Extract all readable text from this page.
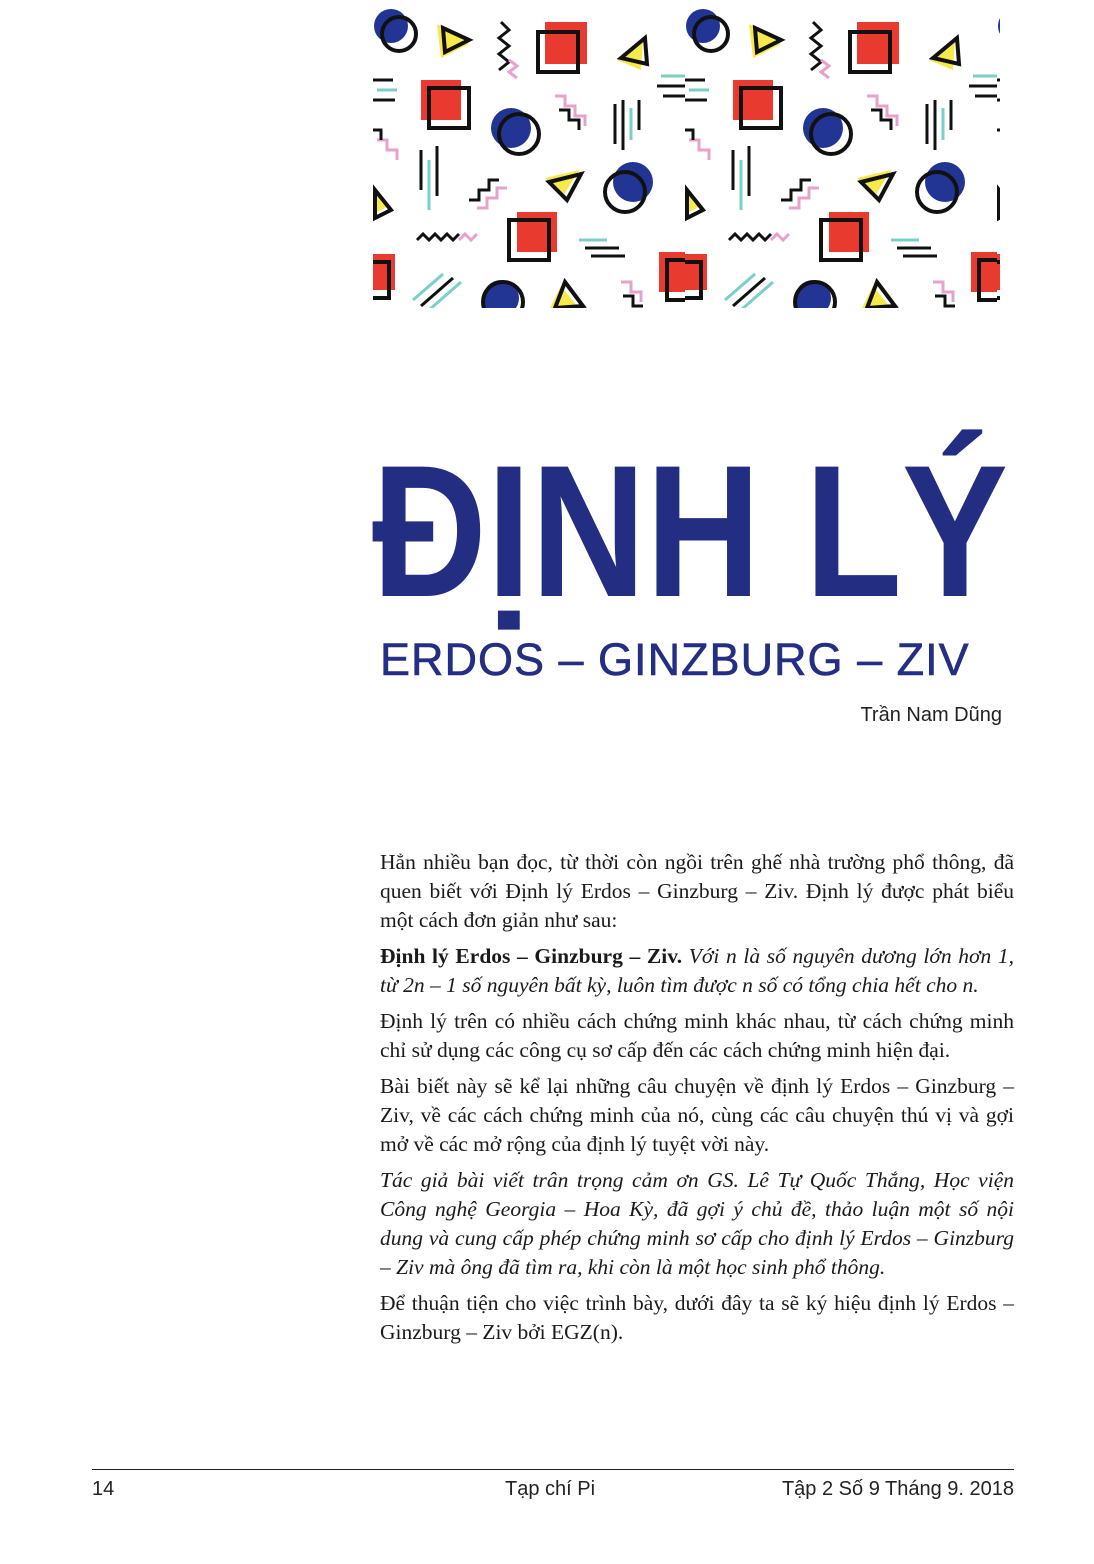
ĐỊNH LÝ
ERDOS – GINZBURG – ZIV
Trần Nam Dũng

Hẳn nhiều bạn đọc, từ thời còn ngồi trên ghế nhà trường phổ thông, đã quen biết với Định lý Erdos – Ginzburg – Ziv. Định lý được phát biểu một cách đơn giản như sau:

Định lý Erdos – Ginzburg – Ziv. Với n là số nguyên dương lớn hơn 1, từ 2n – 1 số nguyên bất kỳ, luôn tìm được n số có tổng chia hết cho n.

Định lý trên có nhiều cách chứng minh khác nhau, từ cách chứng minh chỉ sử dụng các công cụ sơ cấp đến các cách chứng minh hiện đại.

Bài biết này sẽ kể lại những câu chuyện về định lý Erdos – Ginzburg – Ziv, về các cách chứng minh của nó, cùng các câu chuyện thú vị và gợi mở về các mở rộng của định lý tuyệt vời này.

Tác giả bài viết trân trọng cảm ơn GS. Lê Tự Quốc Thắng, Học viện Công nghệ Georgia – Hoa Kỳ, đã gợi ý chủ đề, thảo luận một số nội dung và cung cấp phép chứng minh sơ cấp cho định lý Erdos – Ginzburg – Ziv mà ông đã tìm ra, khi còn là một học sinh phổ thông.

Để thuận tiện cho việc trình bày, dưới đây ta sẽ ký hiệu định lý Erdos – Ginzburg – Ziv bởi EGZ(n).

14	Tạp chí Pi	Tập 2 Số 9 Tháng 9. 2018
